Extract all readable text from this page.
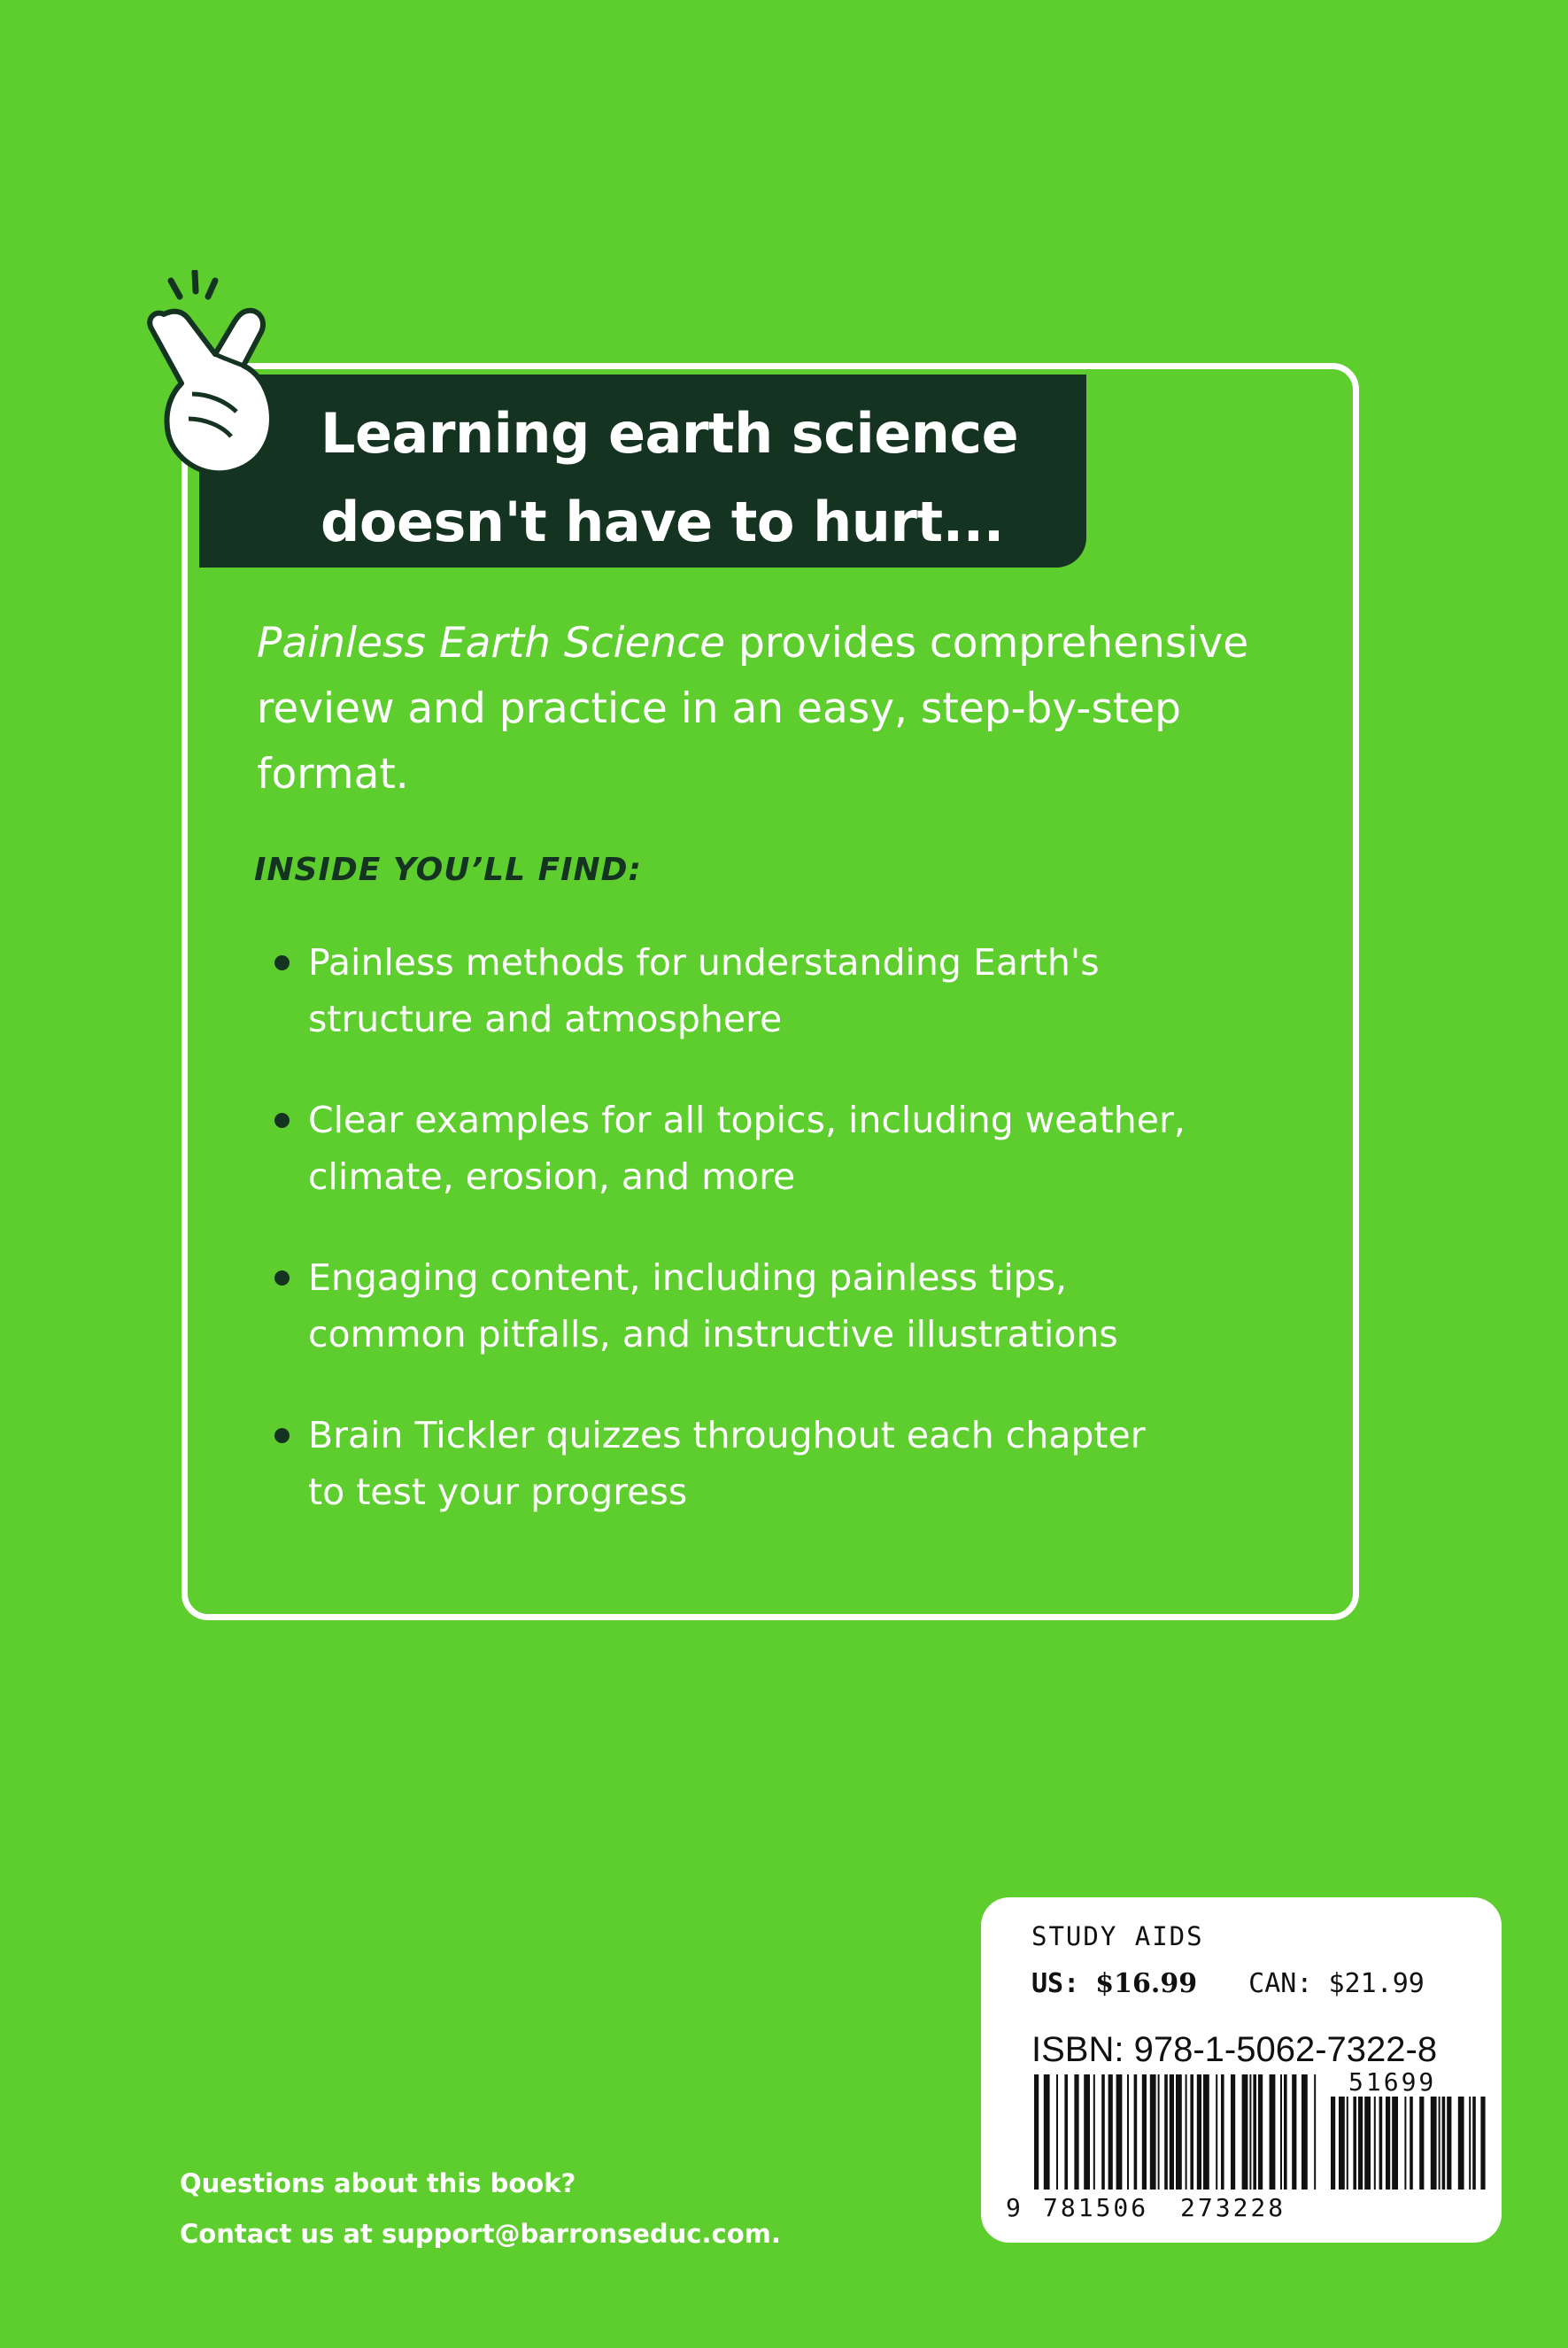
Learning earth science
doesn't have to hurt...

Painless Earth Science provides comprehensive
review and practice in an easy, step-by-step
format.

INSIDE YOU’LL FIND:
Painless methods for understanding Earth's
structure and atmosphere
Clear examples for all topics, including weather,
climate, erosion, and more
Engaging content, including painless tips,
common pitfalls, and instructive illustrations
Brain Tickler quizzes throughout each chapter
to test your progress

Questions about this book?
Contact us at support@barronseduc.com.

51699
9 781506 273228

STUDY AIDS

US: $16.99 CAN: $21.99

ISBN: 978-1-5062-7322-8
